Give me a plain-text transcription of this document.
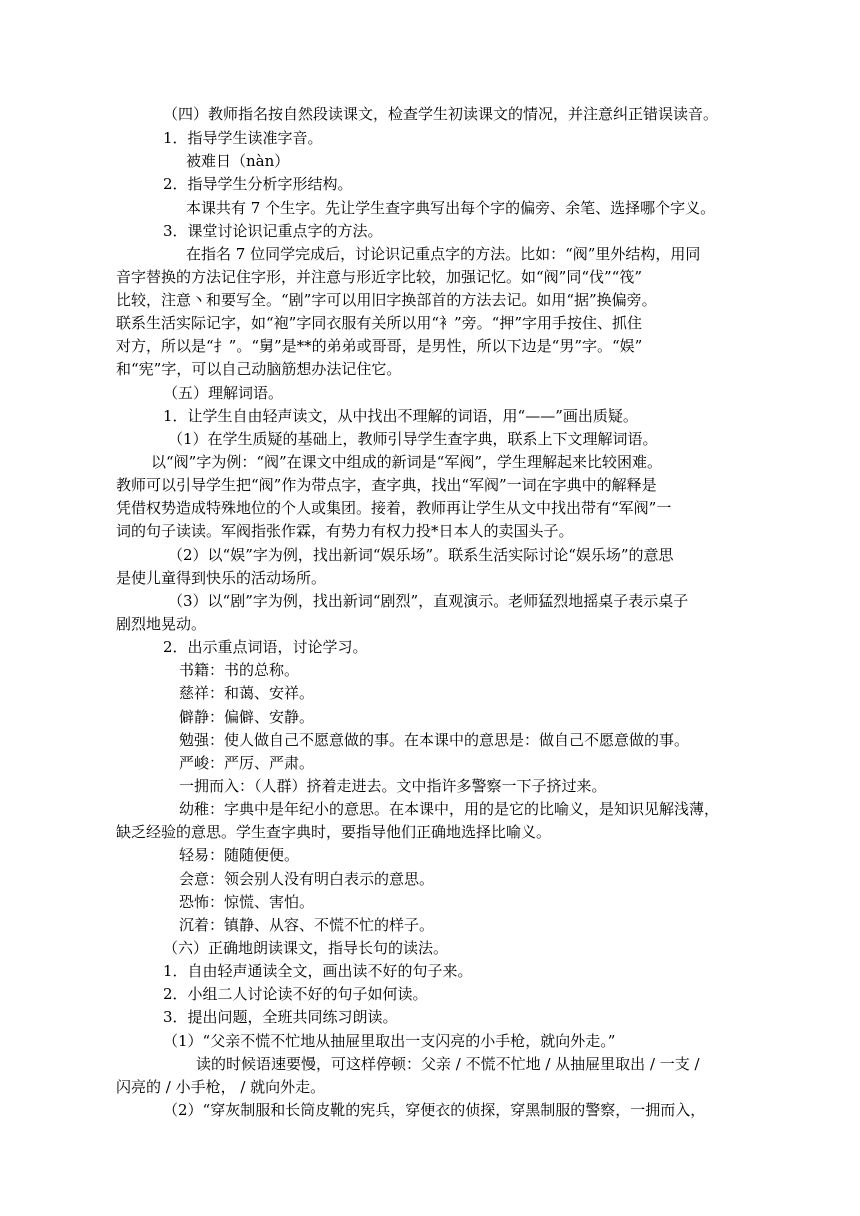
（四）教师指名按自然段读课文，检查学生初读课文的情况，并注意纠正错误读音。
1．指导学生读准字音。
被难日（nàn）
2．指导学生分析字形结构。
本课共有 7 个生字。先让学生查字典写出每个字的偏旁、余笔、选择哪个字义。
3．课堂讨论识记重点字的方法。
在指名 7 位同学完成后，讨论识记重点字的方法。比如：“阀”里外结构，用同
音字替换的方法记住字形，并注意与形近字比较，加强记忆。如“阀”同“伐”“筏”
比较，注意丶和要写全。“剧”字可以用旧字换部首的方法去记。如用“据”换偏旁。
联系生活实际记字，如“袍”字同衣服有关所以用“衤”旁。“押”字用手按住、抓住
对方，所以是“扌”。“舅”是**的弟弟或哥哥，是男性，所以下边是“男”字。“娱”
和“宪”字，可以自己动脑筋想办法记住它。
（五）理解词语。
1．让学生自由轻声读文，从中找出不理解的词语，用“——”画出质疑。
（1）在学生质疑的基础上，教师引导学生查字典，联系上下文理解词语。
以“阀”字为例：“阀”在课文中组成的新词是“军阀”，学生理解起来比较困难。
教师可以引导学生把“阀”作为带点字，查字典，找出“军阀”一词在字典中的解释是
凭借权势造成特殊地位的个人或集团。接着，教师再让学生从文中找出带有“军阀”一
词的句子读读。军阀指张作霖，有势力有权力投*日本人的卖国头子。
（2）以“娱”字为例，找出新词“娱乐场”。联系生活实际讨论“娱乐场”的意思
是使儿童得到快乐的活动场所。
（3）以“剧”字为例，找出新词“剧烈”，直观演示。老师猛烈地摇桌子表示桌子
剧烈地晃动。
2．出示重点词语，讨论学习。
书籍：书的总称。
慈祥：和蔼、安祥。
僻静：偏僻、安静。
勉强：使人做自己不愿意做的事。在本课中的意思是：做自己不愿意做的事。
严峻：严厉、严肃。
一拥而入：（人群）挤着走进去。文中指许多警察一下子挤过来。
幼稚：字典中是年纪小的意思。在本课中，用的是它的比喻义，是知识见解浅薄，
缺乏经验的意思。学生查字典时，要指导他们正确地选择比喻义。
轻易：随随便便。
会意：领会别人没有明白表示的意思。
恐怖：惊慌、害怕。
沉着：镇静、从容、不慌不忙的样子。
（六）正确地朗读课文，指导长句的读法。
1．自由轻声通读全文，画出读不好的句子来。
2．小组二人讨论读不好的句子如何读。
3．提出问题，全班共同练习朗读。
（1）“父亲不慌不忙地从抽屉里取出一支闪亮的小手枪，就向外走。”
读的时候语速要慢，可这样停顿：父亲 / 不慌不忙地 / 从抽屉里取出 / 一支 /
闪亮的 / 小手枪， / 就向外走。
（2）“穿灰制服和长筒皮靴的宪兵，穿便衣的侦探，穿黑制服的警察，一拥而入，
